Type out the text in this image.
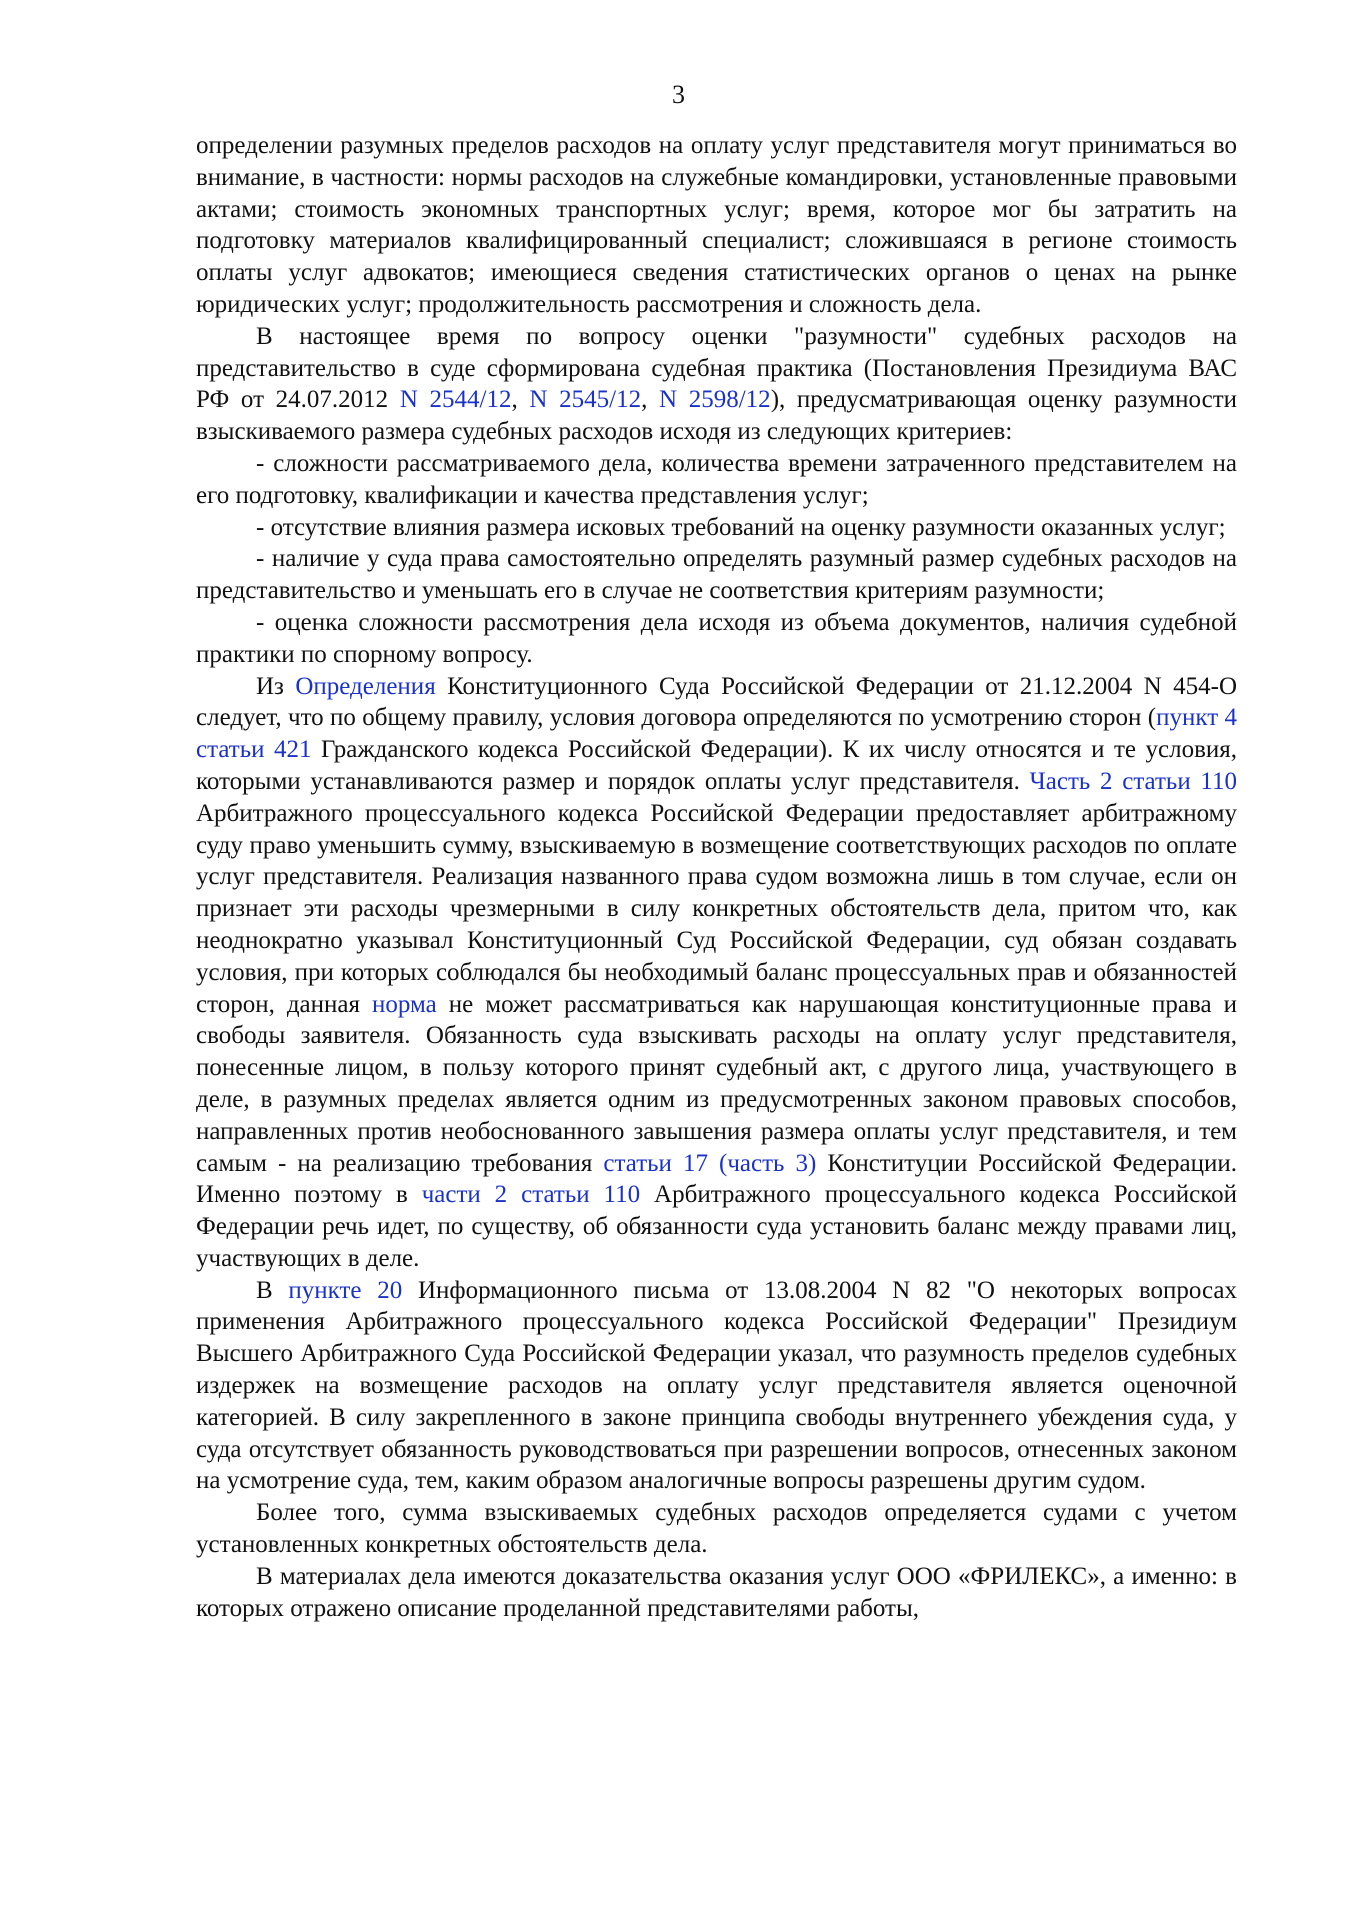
3

определении разумных пределов расходов на оплату услуг представителя могут приниматься во внимание, в частности: нормы расходов на служебные командировки, установленные правовыми актами; стоимость экономных транспортных услуг; время, которое мог бы затратить на подготовку материалов квалифицированный специалист; сложившаяся в регионе стоимость оплаты услуг адвокатов; имеющиеся сведения статистических органов о ценах на рынке юридических услуг; продолжительность рассмотрения и сложность дела.

В настоящее время по вопросу оценки "разумности" судебных расходов на представительство в суде сформирована судебная практика (Постановления Президиума ВАС РФ от 24.07.2012 N 2544/12, N 2545/12, N 2598/12), предусматривающая оценку разумности взыскиваемого размера судебных расходов исходя из следующих критериев:

- сложности рассматриваемого дела, количества времени затраченного представителем на его подготовку, квалификации и качества представления услуг;

- отсутствие влияния размера исковых требований на оценку разумности оказанных услуг;

- наличие у суда права самостоятельно определять разумный размер судебных расходов на представительство и уменьшать его в случае не соответствия критериям разумности;

- оценка сложности рассмотрения дела исходя из объема документов, наличия судебной практики по спорному вопросу.

Из Определения Конституционного Суда Российской Федерации от 21.12.2004 N 454-О следует, что по общему правилу, условия договора определяются по усмотрению сторон (пункт 4 статьи 421 Гражданского кодекса Российской Федерации). К их числу относятся и те условия, которыми устанавливаются размер и порядок оплаты услуг представителя. Часть 2 статьи 110 Арбитражного процессуального кодекса Российской Федерации предоставляет арбитражному суду право уменьшить сумму, взыскиваемую в возмещение соответствующих расходов по оплате услуг представителя. Реализация названного права судом возможна лишь в том случае, если он признает эти расходы чрезмерными в силу конкретных обстоятельств дела, притом что, как неоднократно указывал Конституционный Суд Российской Федерации, суд обязан создавать условия, при которых соблюдался бы необходимый баланс процессуальных прав и обязанностей сторон, данная норма не может рассматриваться как нарушающая конституционные права и свободы заявителя. Обязанность суда взыскивать расходы на оплату услуг представителя, понесенные лицом, в пользу которого принят судебный акт, с другого лица, участвующего в деле, в разумных пределах является одним из предусмотренных законом правовых способов, направленных против необоснованного завышения размера оплаты услуг представителя, и тем самым - на реализацию требования статьи 17 (часть 3) Конституции Российской Федерации. Именно поэтому в части 2 статьи 110 Арбитражного процессуального кодекса Российской Федерации речь идет, по существу, об обязанности суда установить баланс между правами лиц, участвующих в деле.

В пункте 20 Информационного письма от 13.08.2004 N 82 "О некоторых вопросах применения Арбитражного процессуального кодекса Российской Федерации" Президиум Высшего Арбитражного Суда Российской Федерации указал, что разумность пределов судебных издержек на возмещение расходов на оплату услуг представителя является оценочной категорией. В силу закрепленного в законе принципа свободы внутреннего убеждения суда, у суда отсутствует обязанность руководствоваться при разрешении вопросов, отнесенных законом на усмотрение суда, тем, каким образом аналогичные вопросы разрешены другим судом.

Более того, сумма взыскиваемых судебных расходов определяется судами с учетом установленных конкретных обстоятельств дела.

В материалах дела имеются доказательства оказания услуг ООО «ФРИЛЕКС», а именно: в которых отражено описание проделанной представителями работы,
